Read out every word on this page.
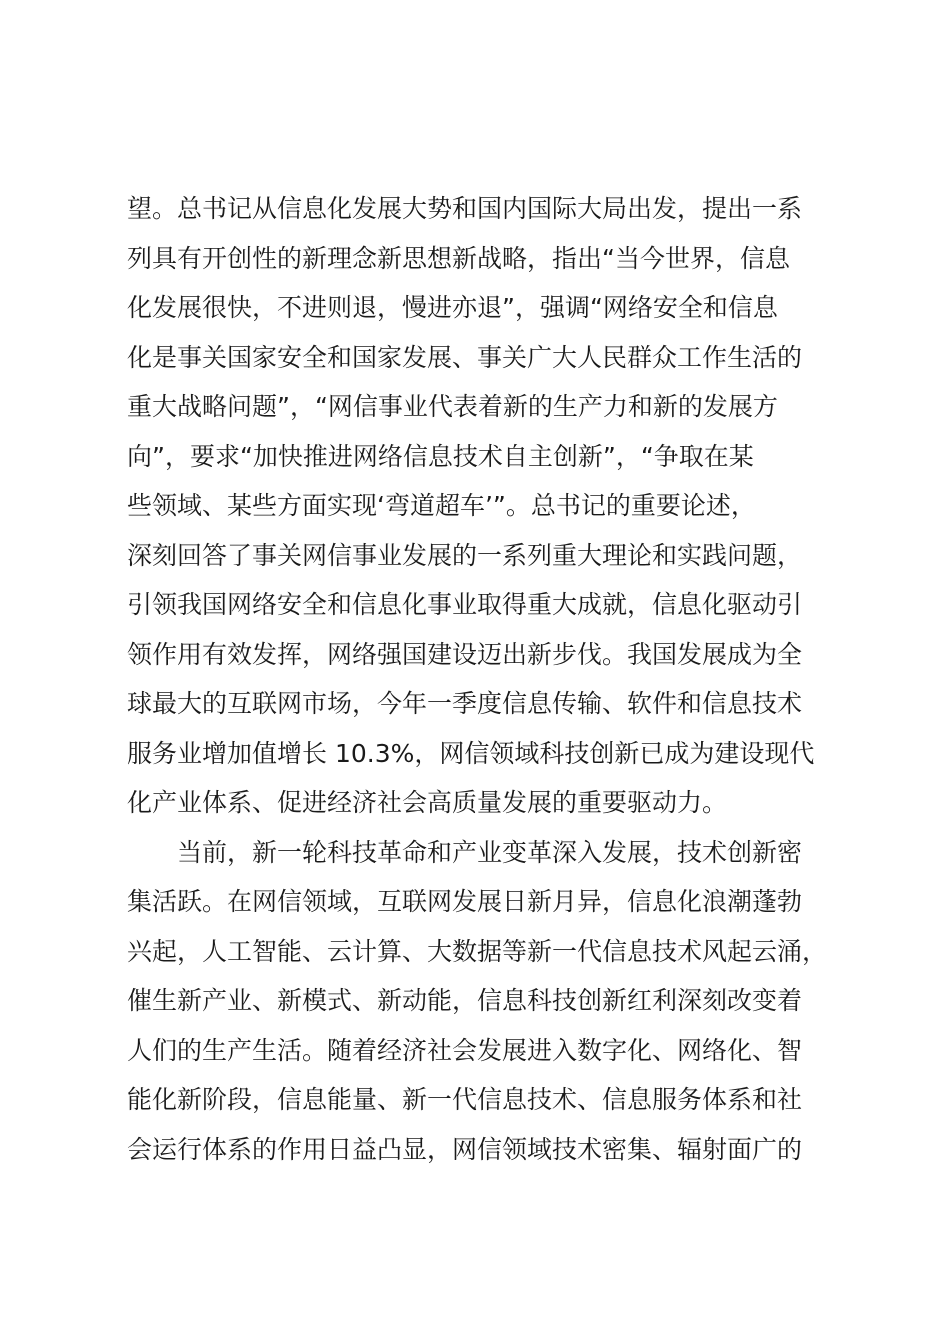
望。总书记从信息化发展大势和国内国际大局出发，提出一系
列具有开创性的新理念新思想新战略，指出“当今世界，信息
化发展很快，不进则退，慢进亦退”，强调“网络安全和信息
化是事关国家安全和国家发展、事关广大人民群众工作生活的
重大战略问题”，“网信事业代表着新的生产力和新的发展方
向”，要求“加快推进网络信息技术自主创新”，“争取在某
些领域、某些方面实现‘弯道超车’”。总书记的重要论述，
深刻回答了事关网信事业发展的一系列重大理论和实践问题，
引领我国网络安全和信息化事业取得重大成就，信息化驱动引
领作用有效发挥，网络强国建设迈出新步伐。我国发展成为全
球最大的互联网市场，今年一季度信息传输、软件和信息技术
服务业增加值增长 10.3%，网信领域科技创新已成为建设现代
化产业体系、促进经济社会高质量发展的重要驱动力。
当前，新一轮科技革命和产业变革深入发展，技术创新密
集活跃。在网信领域，互联网发展日新月异，信息化浪潮蓬勃
兴起，人工智能、云计算、大数据等新一代信息技术风起云涌，
催生新产业、新模式、新动能，信息科技创新红利深刻改变着
人们的生产生活。随着经济社会发展进入数字化、网络化、智
能化新阶段，信息能量、新一代信息技术、信息服务体系和社
会运行体系的作用日益凸显，网信领域技术密集、辐射面广的
